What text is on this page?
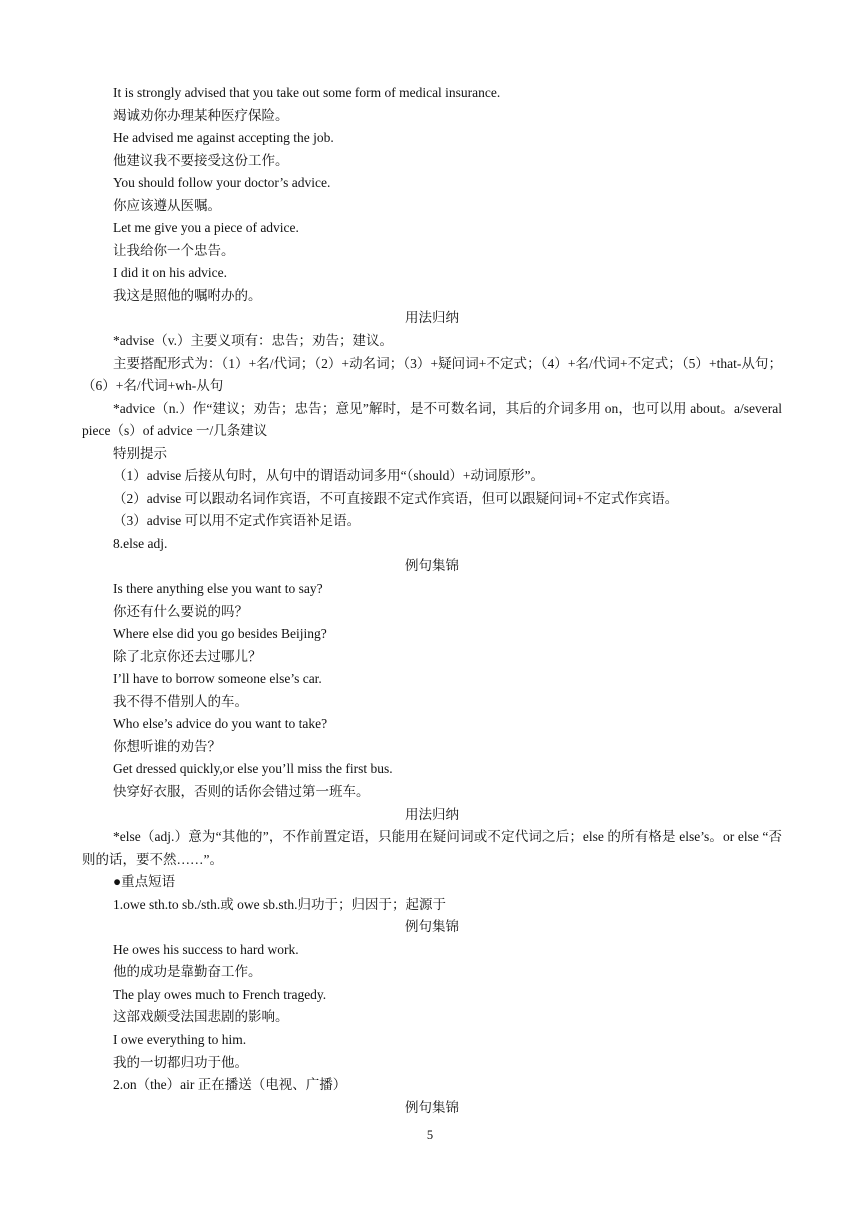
It is strongly advised that you take out some form of medical insurance.
竭诚劝你办理某种医疗保险。
He advised me against accepting the job.
他建议我不要接受这份工作。
You should follow your doctor’s advice.
你应该遵从医嘱。
Let me give you a piece of advice.
让我给你一个忠告。
I did it on his advice.
我这是照他的嘱咐办的。
用法归纳
*advise（v.）主要义项有：忠告；劝告；建议。
主要搭配形式为：（1）+名/代词；（2）+动名词；（3）+疑问词+不定式；（4）+名/代词+不定式；（5）+that-从句；（6）+名/代词+wh-从句
*advice（n.）作“建议；劝告；忠告；意见”解时，是不可数名词，其后的介词多用 on，也可以用 about。a/several piece（s）of advice 一/几条建议
特别提示
（1）advise 后接从句时，从句中的谓语动词多用“（should）+动词原形”。
（2）advise 可以跟动名词作宾语，不可直接跟不定式作宾语，但可以跟疑问词+不定式作宾语。
（3）advise 可以用不定式作宾语补足语。
8.else adj.
例句集锦
Is there anything else you want to say?
你还有什么要说的吗？
Where else did you go besides Beijing?
除了北京你还去过哪儿？
I’ll have to borrow someone else’s car.
我不得不借别人的车。
Who else’s advice do you want to take?
你想听谁的劝告？
Get dressed quickly,or else you’ll miss the first bus.
快穿好衣服，否则的话你会错过第一班车。
用法归纳
*else（adj.）意为“其他的”，不作前置定语，只能用在疑问词或不定代词之后；else 的所有格是 else’s。or else “否则的话，要不然……”。
●重点短语
1.owe sth.to sb./sth.或 owe sb.sth.归功于；归因于；起源于
例句集锦
He owes his success to hard work.
他的成功是靠勤奋工作。
The play owes much to French tragedy.
这部戏颇受法国悲剧的影响。
I owe everything to him.
我的一切都归功于他。
2.on（the）air 正在播送（电视、广播）
例句集锦
5
